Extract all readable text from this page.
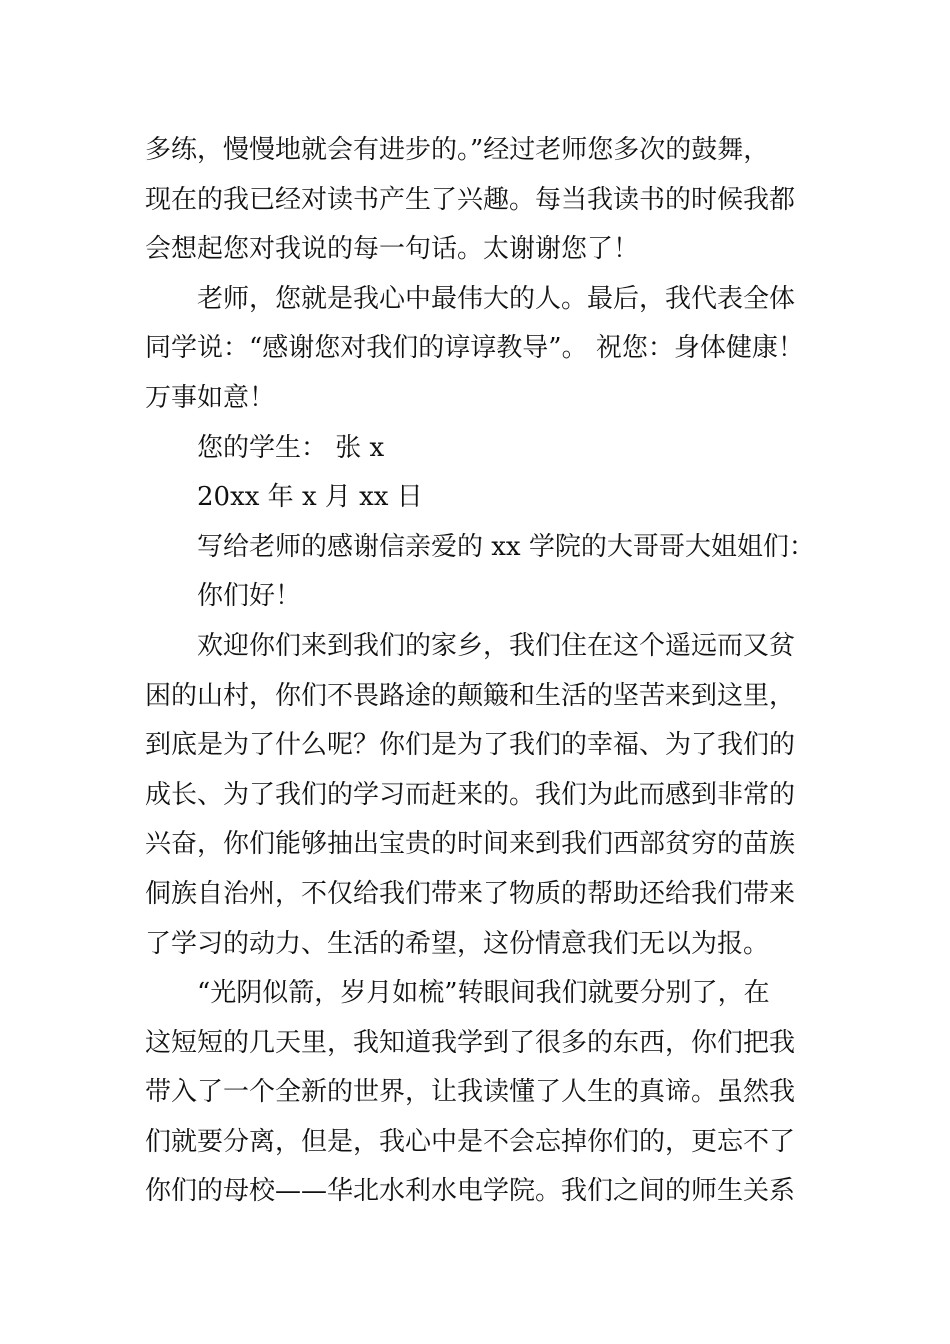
多练，慢慢地就会有进步的。”经过老师您多次的鼓舞，
现在的我已经对读书产生了兴趣。每当我读书的时候我都
会想起您对我说的每一句话。太谢谢您了！
老师，您就是我心中最伟大的人。最后，我代表全体
同学说：“感谢您对我们的谆谆教导”。 祝您：身体健康！
万事如意！
您的学生： 张 x
20xx 年 x 月 xx 日
写给老师的感谢信亲爱的 xx 学院的大哥哥大姐姐们：
你们好！
欢迎你们来到我们的家乡，我们住在这个遥远而又贫
困的山村，你们不畏路途的颠簸和生活的坚苦来到这里，
到底是为了什么呢？你们是为了我们的幸福、为了我们的
成长、为了我们的学习而赶来的。我们为此而感到非常的
兴奋，你们能够抽出宝贵的时间来到我们西部贫穷的苗族
侗族自治州，不仅给我们带来了物质的帮助还给我们带来
了学习的动力、生活的希望，这份情意我们无以为报。
“光阴似箭，岁月如梳”转眼间我们就要分别了，在
这短短的几天里，我知道我学到了很多的东西，你们把我
带入了一个全新的世界，让我读懂了人生的真谛。虽然我
们就要分离，但是，我心中是不会忘掉你们的，更忘不了
你们的母校——华北水利水电学院。我们之间的师生关系
